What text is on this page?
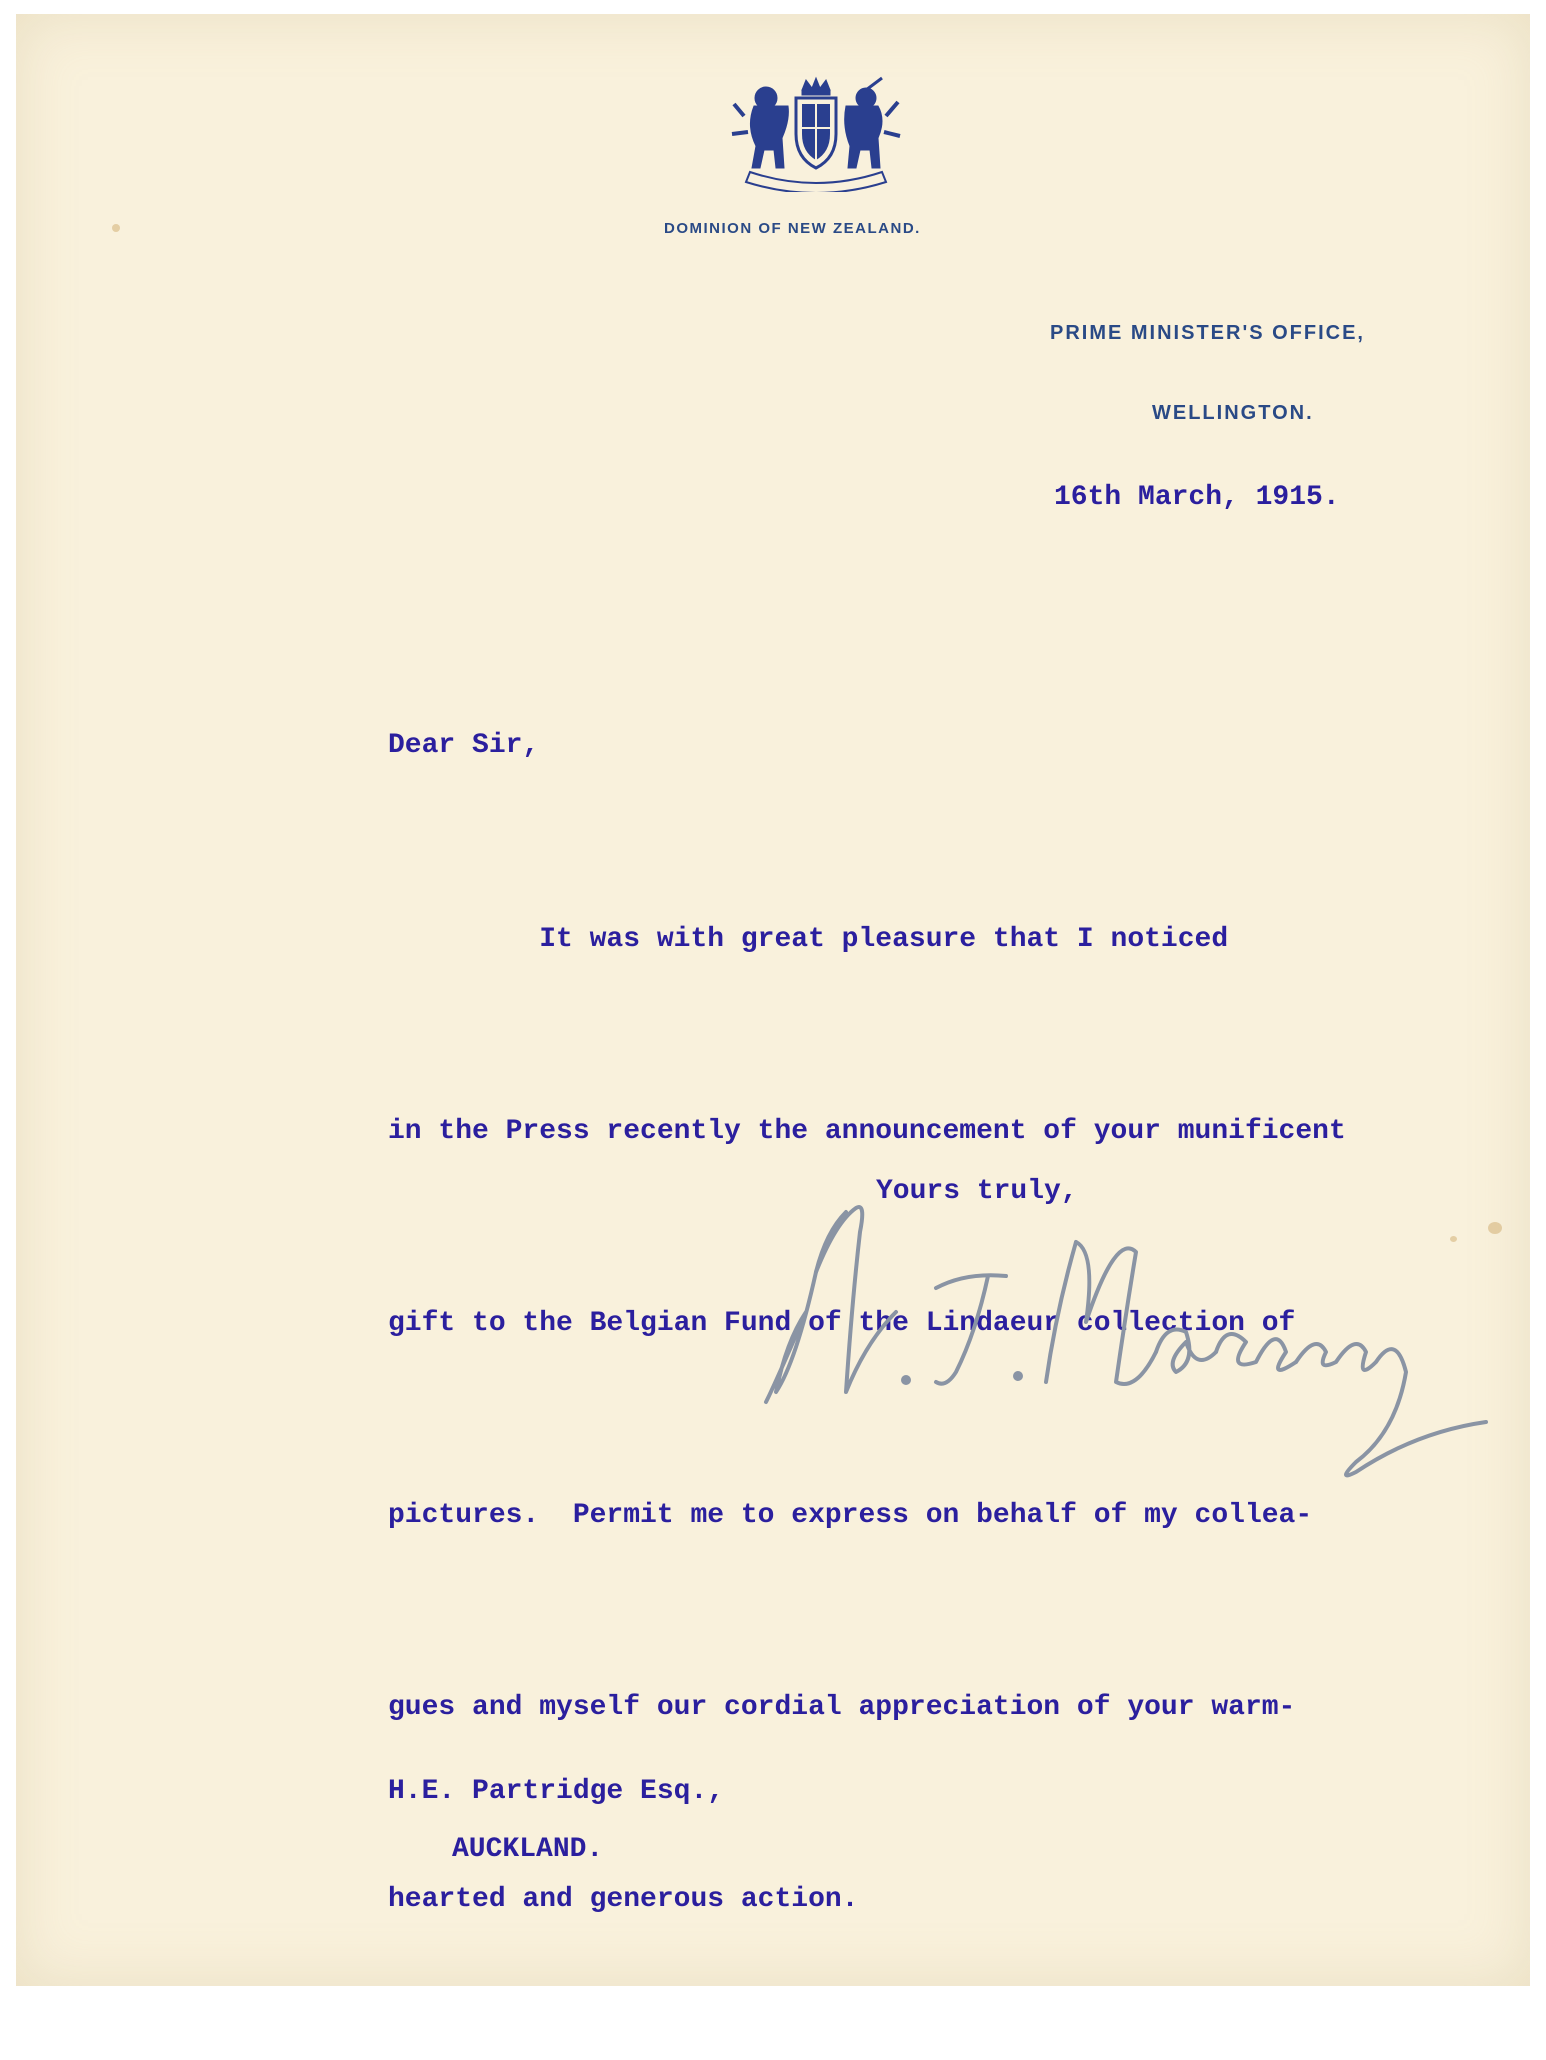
DOMINION OF NEW ZEALAND.
PRIME MINISTER'S OFFICE,
WELLINGTON.
16th March, 1915.
Dear Sir,

It was with great pleasure that I noticed

in the Press recently the announcement of your munificent

gift to the Belgian Fund of the Lindaeur collection of

pictures.  Permit me to express on behalf of my collea-

gues and myself our cordial appreciation of your warm-

hearted and generous action.

Yours truly,
H.E. Partridge Esq.,
AUCKLAND.
